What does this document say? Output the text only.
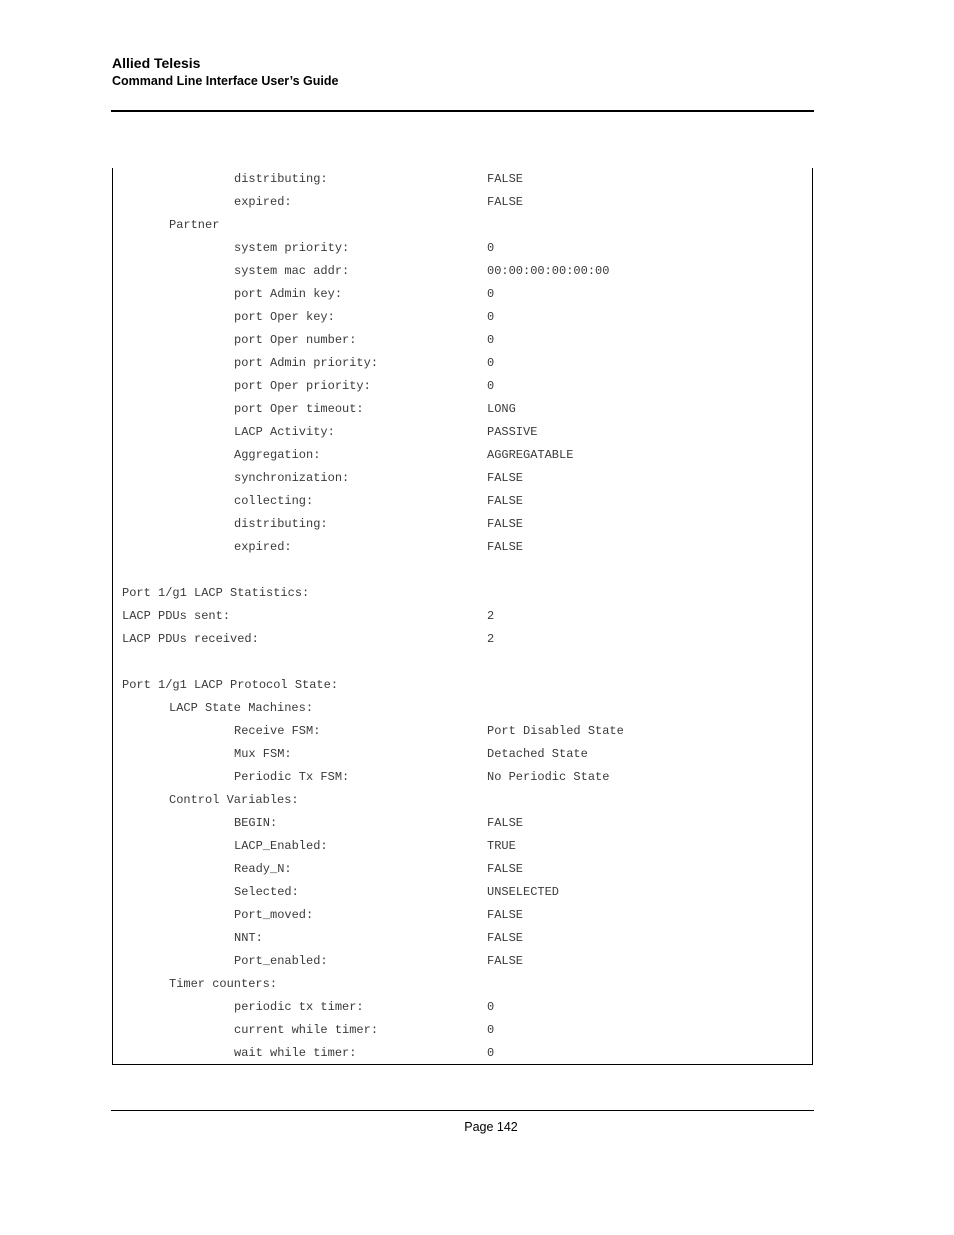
Allied Telesis
Command Line Interface User’s Guide
distributing:	FALSE
expired:	FALSE
Partner
system priority:	0
system mac addr:	00:00:00:00:00:00
port Admin key:	0
port Oper key:	0
port Oper number:	0
port Admin priority:	0
port Oper priority:	0
port Oper timeout:	LONG
LACP Activity:	PASSIVE
Aggregation:	AGGREGATABLE
synchronization:	FALSE
collecting:	FALSE
distributing:	FALSE
expired:	FALSE
Port 1/g1 LACP Statistics:
LACP PDUs sent:	2
LACP PDUs received:	2
Port 1/g1 LACP Protocol State:
LACP State Machines:
Receive FSM:	Port Disabled State
Mux FSM:	Detached State
Periodic Tx FSM:	No Periodic State
Control Variables:
BEGIN:	FALSE
LACP_Enabled:	TRUE
Ready_N:	FALSE
Selected:	UNSELECTED
Port_moved:	FALSE
NNT:	FALSE
Port_enabled:	FALSE
Timer counters:
periodic tx timer:	0
current while timer:	0
wait while timer:	0
Page 142
